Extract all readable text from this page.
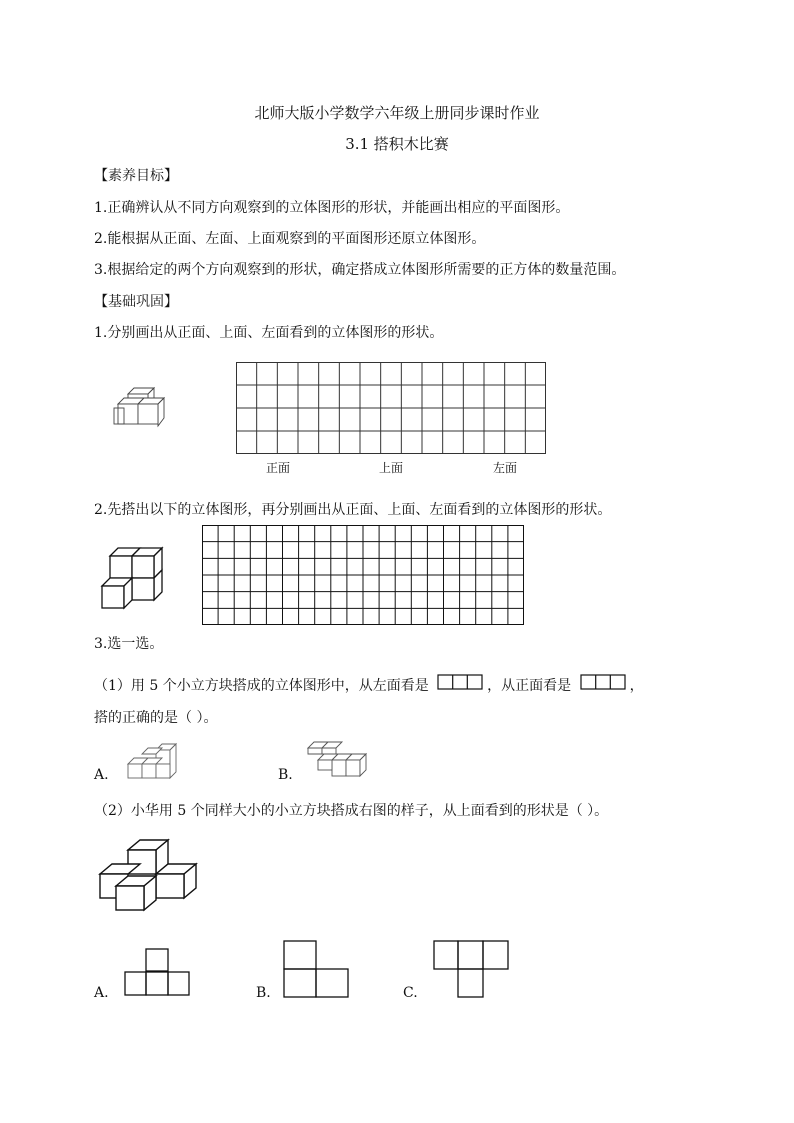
北师大版小学数学六年级上册同步课时作业
3.1 搭积木比赛
【素养目标】
1.正确辨认从不同方向观察到的立体图形的形状，并能画出相应的平面图形。
2.能根据从正面、左面、上面观察到的平面图形还原立体图形。
3.根据给定的两个方向观察到的形状，确定搭成立体图形所需要的正方体的数量范围。
【基础巩固】
1.分别画出从正面、上面、左面看到的立体图形的形状。
正面	上面	左面
2.先搭出以下的立体图形，再分别画出从正面、上面、左面看到的立体图形的形状。
3.选一选。
（1）用 5 个小立方块搭成的立体图形中，从左面看是	，从正面看是	，
搭的正确的是（ ）。
A.	B.
（2）小华用 5 个同样大小的小立方块搭成右图的样子，从上面看到的形状是（ ）。
A.	B.	C.
